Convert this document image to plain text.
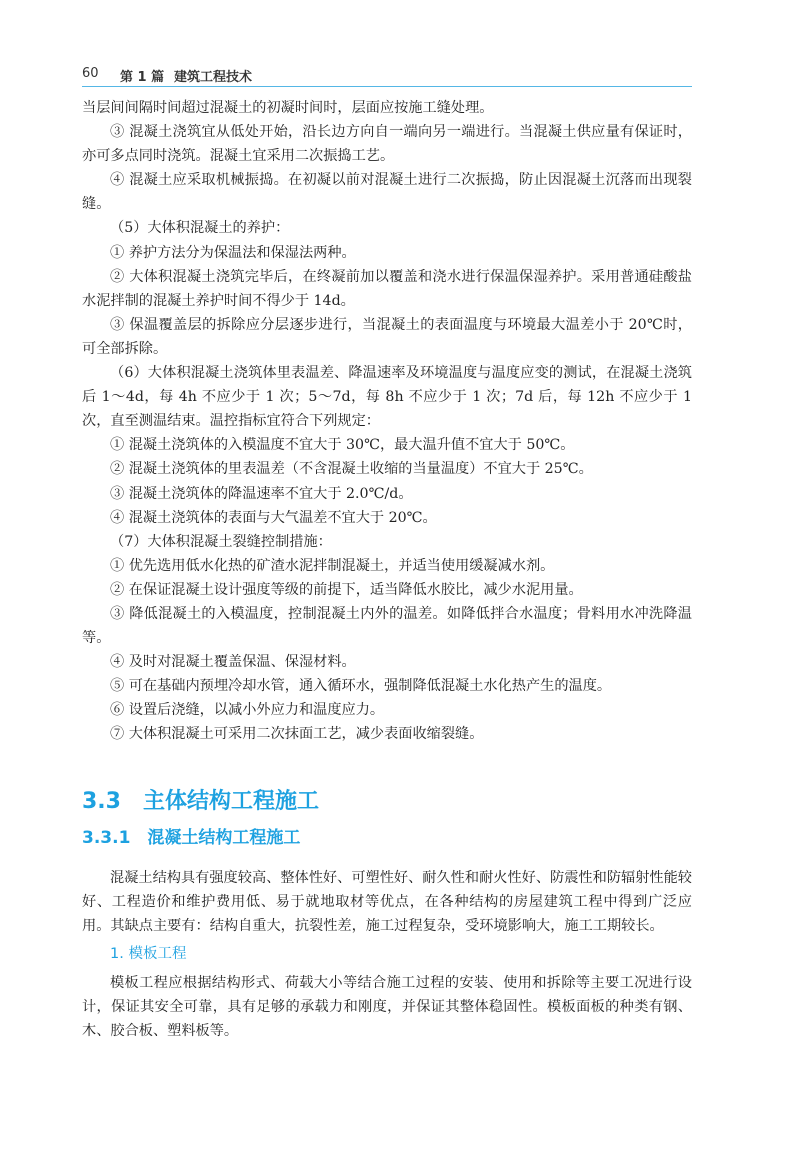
60 第 1 篇 建筑工程技术

当层间间隔时间超过混凝土的初凝时间时，层面应按施工缝处理。

③ 混凝土浇筑宜从低处开始，沿长边方向自一端向另一端进行。当混凝土供应量有保证时，亦可多点同时浇筑。混凝土宜采用二次振捣工艺。

④ 混凝土应采取机械振捣。在初凝以前对混凝土进行二次振捣，防止因混凝土沉落而出现裂缝。

（5）大体积混凝土的养护：

① 养护方法分为保温法和保湿法两种。

② 大体积混凝土浇筑完毕后，在终凝前加以覆盖和浇水进行保温保湿养护。采用普通硅酸盐水泥拌制的混凝土养护时间不得少于 14d。

③ 保温覆盖层的拆除应分层逐步进行，当混凝土的表面温度与环境最大温差小于 20℃时，可全部拆除。

（6）大体积混凝土浇筑体里表温差、降温速率及环境温度与温度应变的测试，在混凝土浇筑后 1～4d，每 4h 不应少于 1 次；5～7d，每 8h 不应少于 1 次；7d 后，每 12h 不应少于 1 次，直至测温结束。温控指标宜符合下列规定：

① 混凝土浇筑体的入模温度不宜大于 30℃，最大温升值不宜大于 50℃。

② 混凝土浇筑体的里表温差（不含混凝土收缩的当量温度）不宜大于 25℃。

③ 混凝土浇筑体的降温速率不宜大于 2.0℃/d。

④ 混凝土浇筑体的表面与大气温差不宜大于 20℃。

（7）大体积混凝土裂缝控制措施：

① 优先选用低水化热的矿渣水泥拌制混凝土，并适当使用缓凝减水剂。

② 在保证混凝土设计强度等级的前提下，适当降低水胶比，减少水泥用量。

③ 降低混凝土的入模温度，控制混凝土内外的温差。如降低拌合水温度；骨料用水冲洗降温等。

④ 及时对混凝土覆盖保温、保湿材料。

⑤ 可在基础内预埋冷却水管，通入循环水，强制降低混凝土水化热产生的温度。

⑥ 设置后浇缝，以减小外应力和温度应力。

⑦ 大体积混凝土可采用二次抹面工艺，减少表面收缩裂缝。

3.3　主体结构工程施工
3.3.1　混凝土结构工程施工

混凝土结构具有强度较高、整体性好、可塑性好、耐久性和耐火性好、防震性和防辐射性能较好、工程造价和维护费用低、易于就地取材等优点，在各种结构的房屋建筑工程中得到广泛应用。其缺点主要有：结构自重大，抗裂性差，施工过程复杂，受环境影响大，施工工期较长。

1. 模板工程

模板工程应根据结构形式、荷载大小等结合施工过程的安装、使用和拆除等主要工况进行设计，保证其安全可靠，具有足够的承载力和刚度，并保证其整体稳固性。模板面板的种类有钢、木、胶合板、塑料板等。
